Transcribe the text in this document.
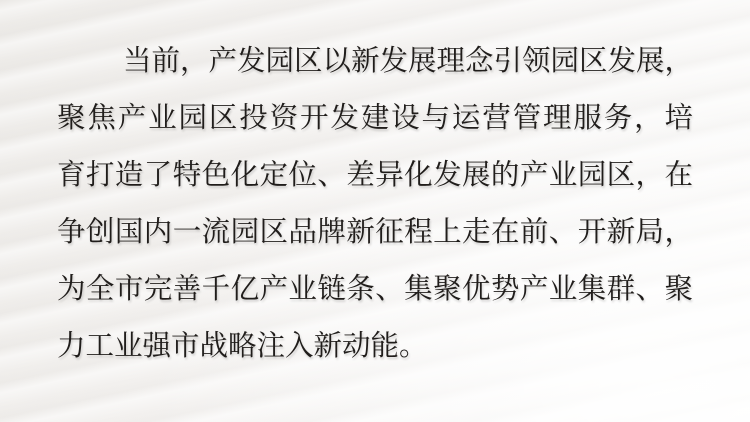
当前，产发园区以新发展理念引领园区发展，
聚焦产业园区投资开发建设与运营管理服务，培
育打造了特色化定位、差异化发展的产业园区，在
争创国内一流园区品牌新征程上走在前、开新局，
为全市完善千亿产业链条、集聚优势产业集群、聚
力工业强市战略注入新动能。
